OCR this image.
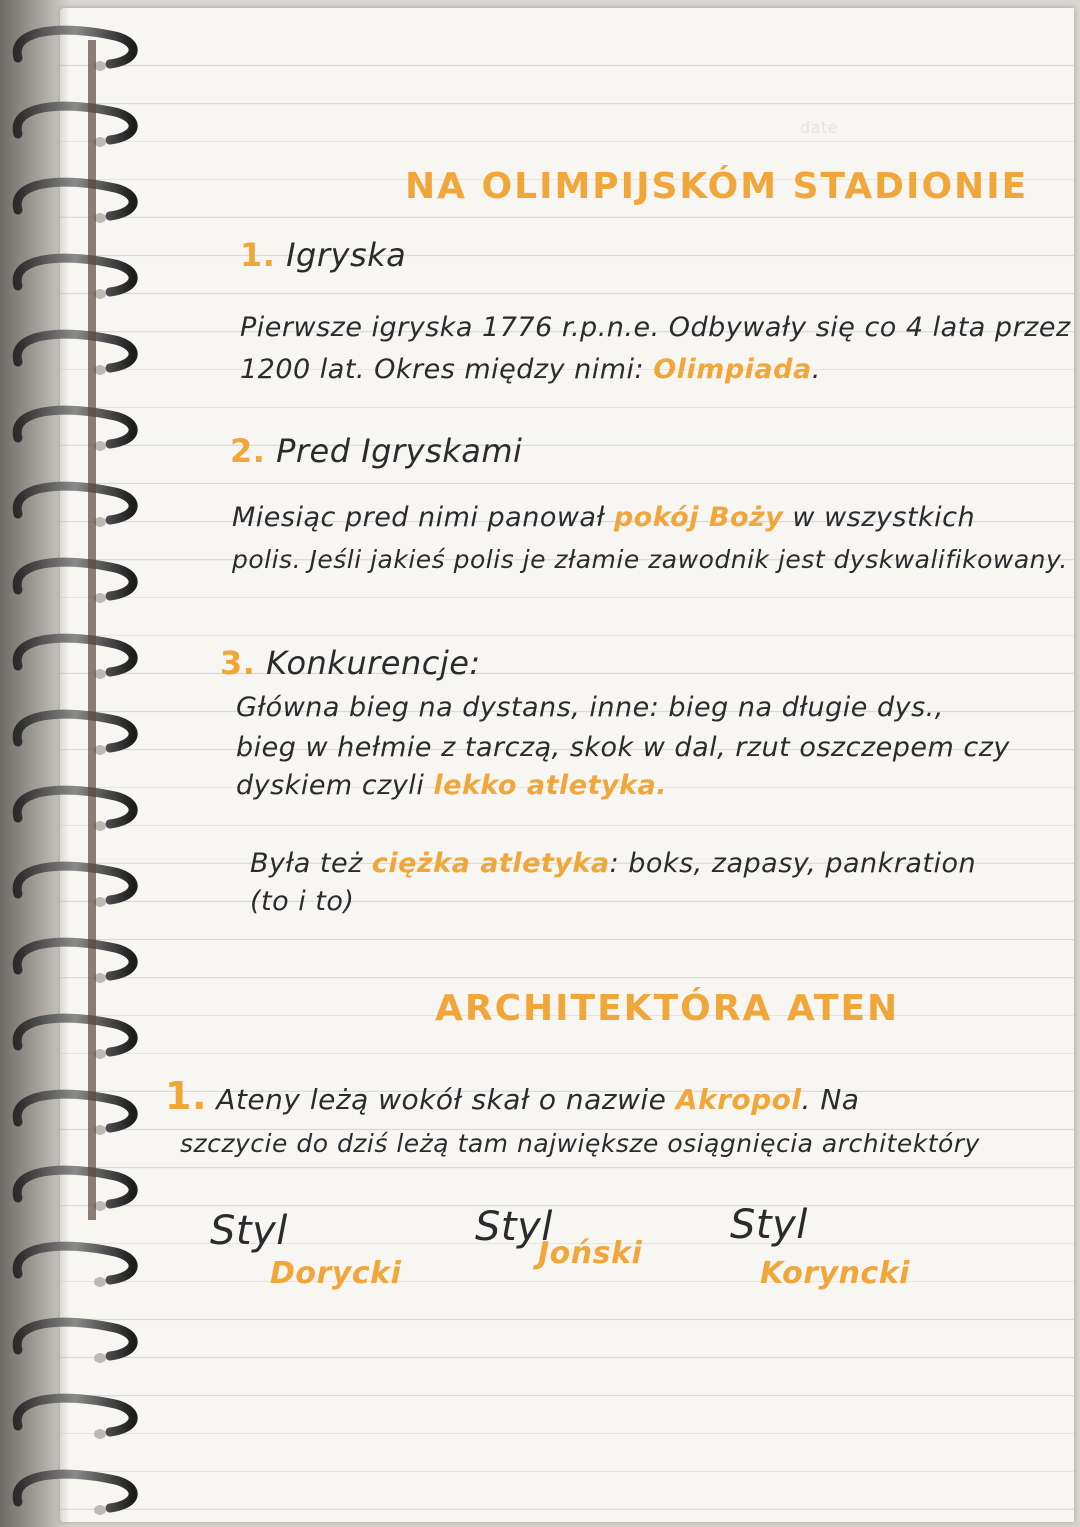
date

NA OLIMPIJSKÓM STADIONIE

1. Igryska

Pierwsze igryska 1776 r.p.n.e. Odbywały się co 4 lata przez

1200 lat. Okres między nimi: Olimpiada.

2. Pred Igryskami

Miesiąc pred nimi panował pokój Boży w wszystkich

polis. Jeśli jakieś polis je złamie zawodnik jest dyskwalifikowany.

3. Konkurencje:

Główna bieg na dystans, inne: bieg na długie dys.,

bieg w hełmie z tarczą, skok w dal, rzut oszczepem czy

dyskiem czyli lekko atletyka.

Była też ciężka atletyka: boks, zapasy, pankration

(to i to)

ARCHITEKTÓRA ATEN

1. Ateny leżą wokół skał o nazwie Akropol. Na

szczycie do dziś leżą tam największe osiągnięcia architektóry

Styl

Dorycki

Styl

Joński

Styl

Koryncki
